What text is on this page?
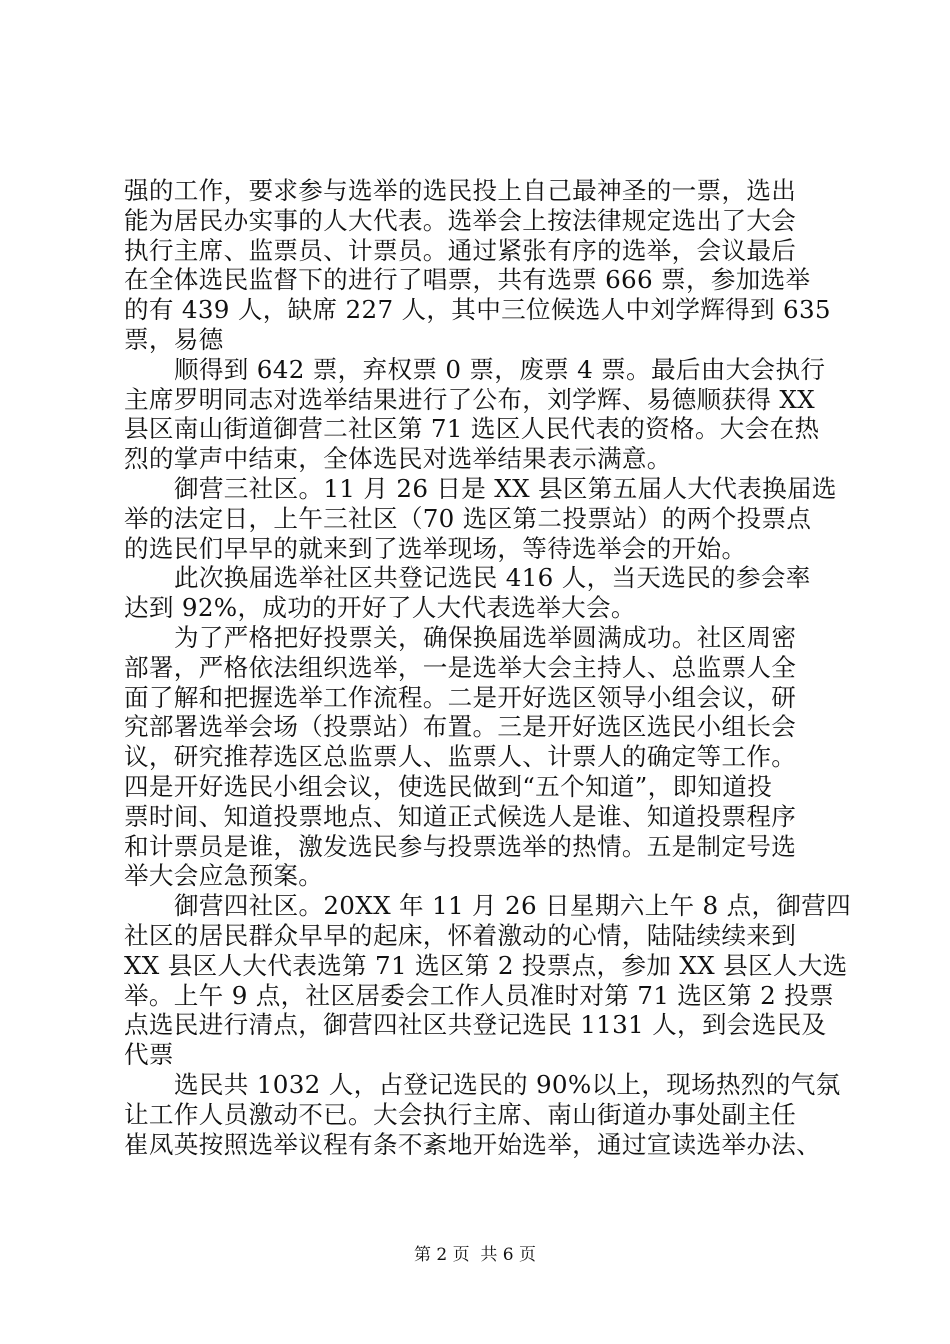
强的工作，要求参与选举的选民投上自己最神圣的一票，选出
能为居民办实事的人大代表。选举会上按法律规定选出了大会
执行主席、监票员、计票员。通过紧张有序的选举，会议最后
在全体选民监督下的进行了唱票，共有选票 666 票，参加选举
的有 439 人，缺席 227 人，其中三位候选人中刘学辉得到 635
票，易德
顺得到 642 票，弃权票 0 票，废票 4 票。最后由大会执行
主席罗明同志对选举结果进行了公布，刘学辉、易德顺获得 XX
县区南山街道御营二社区第 71 选区人民代表的资格。大会在热
烈的掌声中结束，全体选民对选举结果表示满意。
御营三社区。11 月 26 日是 XX 县区第五届人大代表换届选
举的法定日，上午三社区（70 选区第二投票站）的两个投票点
的选民们早早的就来到了选举现场，等待选举会的开始。
此次换届选举社区共登记选民 416 人，当天选民的参会率
达到 92%，成功的开好了人大代表选举大会。
为了严格把好投票关，确保换届选举圆满成功。社区周密
部署，严格依法组织选举，一是选举大会主持人、总监票人全
面了解和把握选举工作流程。二是开好选区领导小组会议，研
究部署选举会场（投票站）布置。三是开好选区选民小组长会
议，研究推荐选区总监票人、监票人、计票人的确定等工作。
四是开好选民小组会议，使选民做到“五个知道”，即知道投
票时间、知道投票地点、知道正式候选人是谁、知道投票程序
和计票员是谁，激发选民参与投票选举的热情。五是制定号选
举大会应急预案。
御营四社区。20XX 年 11 月 26 日星期六上午 8 点，御营四
社区的居民群众早早的起床，怀着激动的心情，陆陆续续来到
XX 县区人大代表选第 71 选区第 2 投票点，参加 XX 县区人大选
举。上午 9 点，社区居委会工作人员准时对第 71 选区第 2 投票
点选民进行清点，御营四社区共登记选民 1131 人，到会选民及
代票
选民共 1032 人，占登记选民的 90%以上，现场热烈的气氛
让工作人员激动不已。大会执行主席、南山街道办事处副主任
崔凤英按照选举议程有条不紊地开始选举，通过宣读选举办法、
第 2 页  共 6 页
